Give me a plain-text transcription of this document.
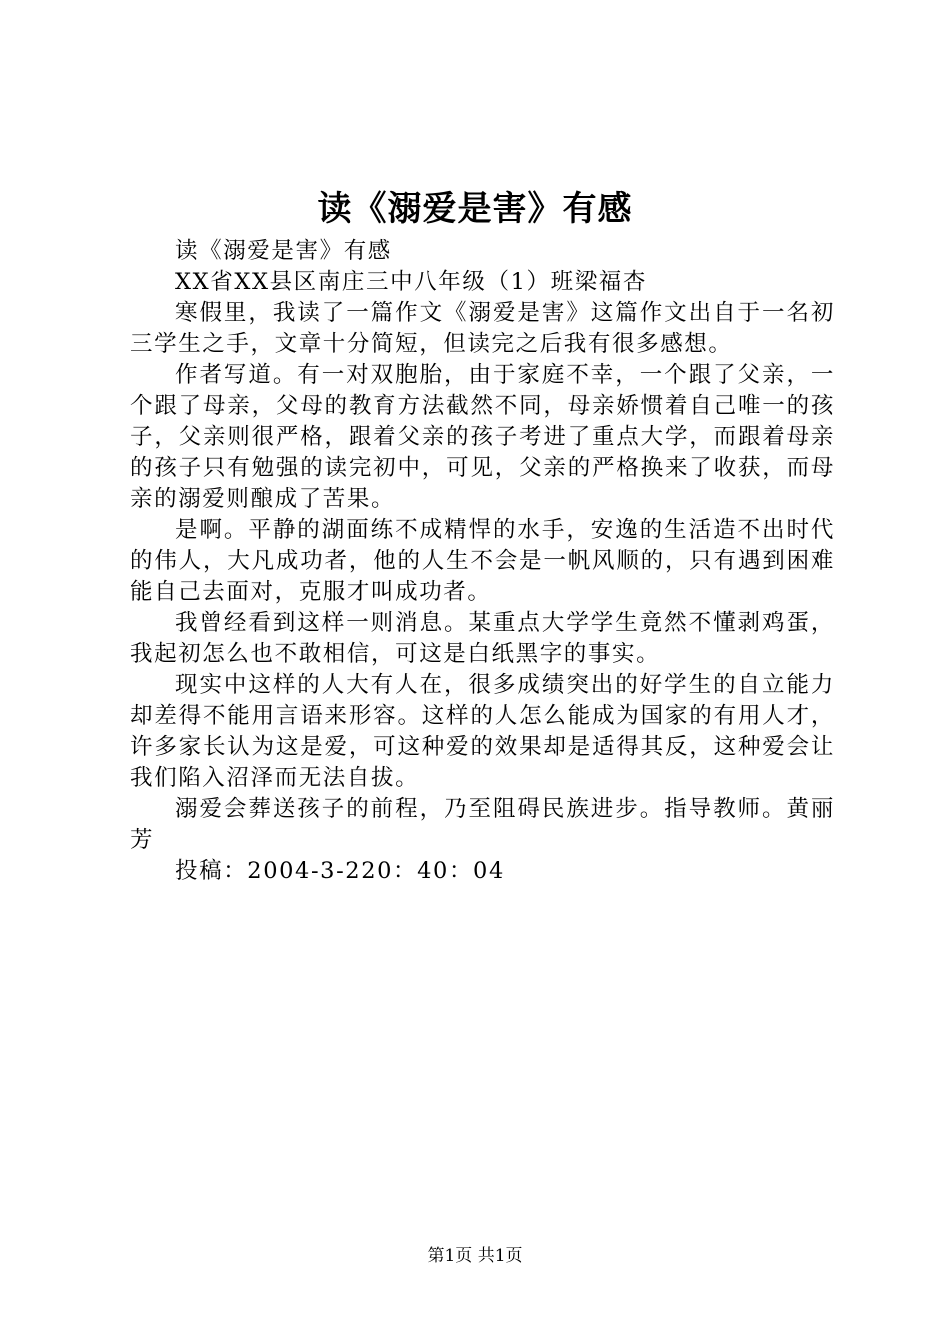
读《溺爱是害》有感

读《溺爱是害》有感

XX省XX县区南庄三中八年级（1）班梁福杏

寒假里，我读了一篇作文《溺爱是害》这篇作文出自于一名初三学生之手，文章十分简短，但读完之后我有很多感想。

作者写道。有一对双胞胎，由于家庭不幸，一个跟了父亲，一个跟了母亲，父母的教育方法截然不同，母亲娇惯着自己唯一的孩子，父亲则很严格，跟着父亲的孩子考进了重点大学，而跟着母亲的孩子只有勉强的读完初中，可见，父亲的严格换来了收获，而母亲的溺爱则酿成了苦果。

是啊。平静的湖面练不成精悍的水手，安逸的生活造不出时代的伟人，大凡成功者，他的人生不会是一帆风顺的，只有遇到困难能自己去面对，克服才叫成功者。

我曾经看到这样一则消息。某重点大学学生竟然不懂剥鸡蛋，我起初怎么也不敢相信，可这是白纸黑字的事实。

现实中这样的人大有人在，很多成绩突出的好学生的自立能力却差得不能用言语来形容。这样的人怎么能成为国家的有用人才，许多家长认为这是爱，可这种爱的效果却是适得其反，这种爱会让我们陷入沼泽而无法自拔。

溺爱会葬送孩子的前程，乃至阻碍民族进步。指导教师。黄丽芳

投稿：2004-3-220：40：04

第1页 共1页
